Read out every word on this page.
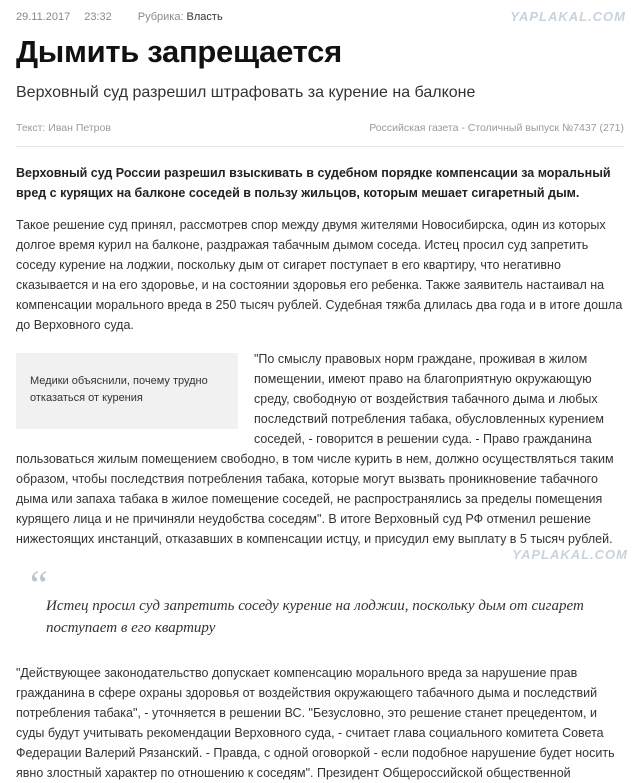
YAPLAKAL.COM
YAPLAKAL.COM
29.11.2017 23:32 Рубрика: Власть
Дымить запрещается
Верховный суд разрешил штрафовать за курение на балконе
Текст: Иван Петров	Российская газета - Столичный выпуск №7437 (271)
Верховный суд России разрешил взыскивать в судебном порядке компенсации за моральный вред с курящих на балконе соседей в пользу жильцов, которым мешает сигаретный дым.

Такое решение суд принял, рассмотрев спор между двумя жителями Новосибирска, один из которых долгое время курил на балконе, раздражая табачным дымом соседа. Истец просил суд запретить соседу курение на лоджии, поскольку дым от сигарет поступает в его квартиру, что негативно сказывается и на его здоровье, и на состоянии здоровья его ребенка. Также заявитель настаивал на компенсации морального вреда в 250 тысяч рублей. Судебная тяжба длилась два года и в итоге дошла до Верховного суда.

Медики объяснили, почему трудно отказаться от курения

"По смыслу правовых норм граждане, проживая в жилом помещении, имеют право на благоприятную окружающую среду, свободную от воздействия табачного дыма и любых последствий потребления табака, обусловленных курением соседей, - говорится в решении суда. - Право гражданина пользоваться жилым помещением свободно, в том числе курить в нем, должно осуществляться таким образом, чтобы последствия потребления табака, которые могут вызвать проникновение табачного дыма или запаха табака в жилое помещение соседей, не распространялись за пределы помещения курящего лица и не причиняли неудобства соседям". В итоге Верховный суд РФ отменил решение нижестоящих инстанций, отказавших в компенсации истцу, и присудил ему выплату в 5 тысяч рублей.

“
Истец просил суд запретить соседу курение на лоджии, поскольку дым от сигарет поступает в его квартиру

"Действующее законодательство допускает компенсацию морального вреда за нарушение прав гражданина в сфере охраны здоровья от воздействия окружающего табачного дыма и последствий потребления табака", - уточняется в решении ВС. "Безусловно, это решение станет прецедентом, и суды будут учитывать рекомендации Верховного суда, - считает глава социального комитета Совета Федерации Валерий Рязанский. - Правда, с одной оговоркой - если подобное нарушение будет носить явно злостный характер по отношению к соседям". Президент Общероссийской общественной
